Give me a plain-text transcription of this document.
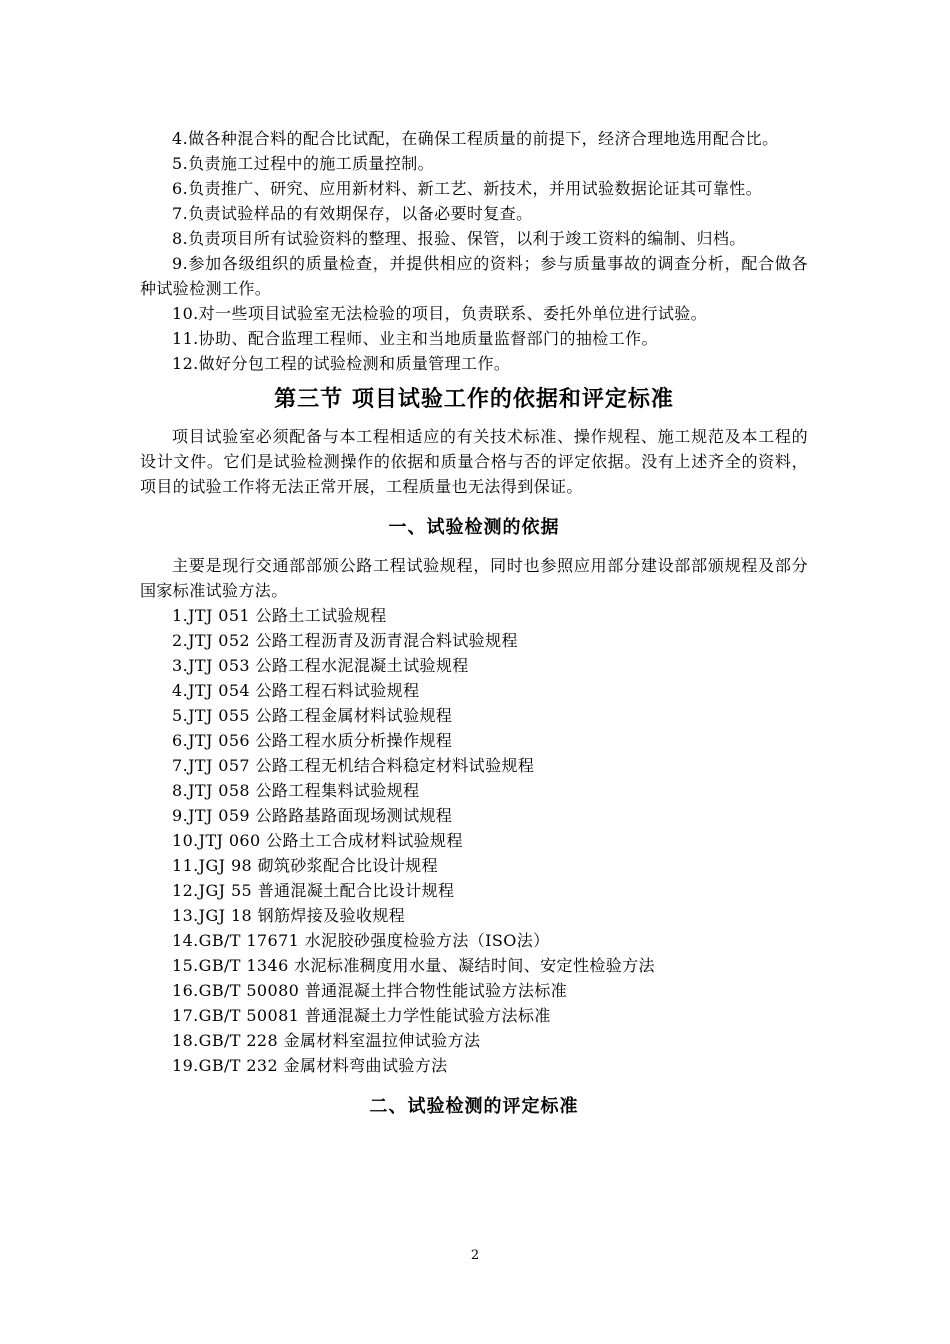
4.做各种混合料的配合比试配，在确保工程质量的前提下，经济合理地选用配合比。

5.负责施工过程中的施工质量控制。

6.负责推广、研究、应用新材料、新工艺、新技术，并用试验数据论证其可靠性。

7.负责试验样品的有效期保存，以备必要时复查。

8.负责项目所有试验资料的整理、报验、保管，以利于竣工资料的编制、归档。

9.参加各级组织的质量检查，并提供相应的资料；参与质量事故的调查分析，配合做各种试验检测工作。

10.对一些项目试验室无法检验的项目，负责联系、委托外单位进行试验。

11.协助、配合监理工程师、业主和当地质量监督部门的抽检工作。

12.做好分包工程的试验检测和质量管理工作。

第三节 项目试验工作的依据和评定标准

项目试验室必须配备与本工程相适应的有关技术标准、操作规程、施工规范及本工程的设计文件。它们是试验检测操作的依据和质量合格与否的评定依据。没有上述齐全的资料，项目的试验工作将无法正常开展，工程质量也无法得到保证。

一、试验检测的依据

主要是现行交通部部颁公路工程试验规程，同时也参照应用部分建设部部颁规程及部分国家标准试验方法。

1.JTJ 051 公路土工试验规程

2.JTJ 052 公路工程沥青及沥青混合料试验规程

3.JTJ 053 公路工程水泥混凝土试验规程

4.JTJ 054 公路工程石料试验规程

5.JTJ 055 公路工程金属材料试验规程

6.JTJ 056 公路工程水质分析操作规程

7.JTJ 057 公路工程无机结合料稳定材料试验规程

8.JTJ 058 公路工程集料试验规程

9.JTJ 059 公路路基路面现场测试规程

10.JTJ 060 公路土工合成材料试验规程

11.JGJ 98 砌筑砂浆配合比设计规程

12.JGJ 55 普通混凝土配合比设计规程

13.JGJ 18 钢筋焊接及验收规程

14.GB/T 17671 水泥胶砂强度检验方法（ISO法）

15.GB/T 1346 水泥标准稠度用水量、凝结时间、安定性检验方法

16.GB/T 50080 普通混凝土拌合物性能试验方法标准

17.GB/T 50081 普通混凝土力学性能试验方法标准

18.GB/T 228 金属材料室温拉伸试验方法

19.GB/T 232 金属材料弯曲试验方法

二、试验检测的评定标准
2
